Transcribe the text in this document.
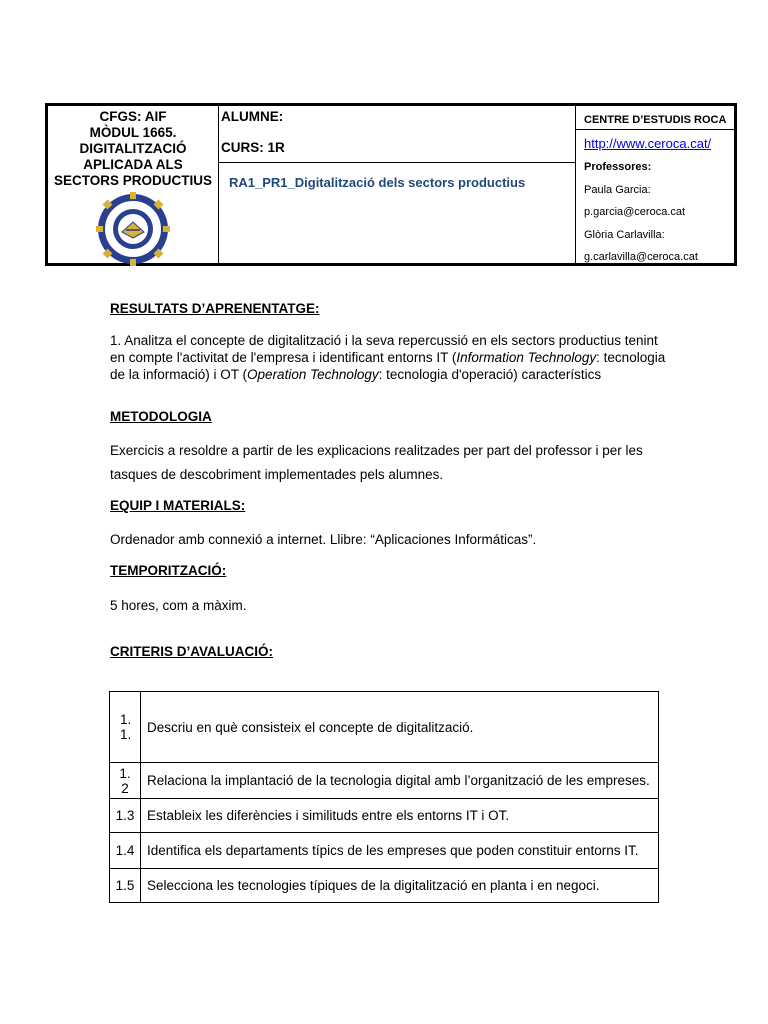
CFGS: AIF
MÒDUL 1665.
DIGITALITZACIÓ
APLICADA ALS
SECTORS PRODUCTIUS
ALUMNE:
CURS: 1R
RA1_PR1_Digitalització dels sectors productius
CENTRE D’ESTUDIS ROCA
http://www.ceroca.cat/
Professores:
Paula Garcia:
p.garcia@ceroca.cat
Glòria Carlavilla:
g.carlavilla@ceroca.cat
RESULTATS D’APRENENTATGE:
1. Analitza el concepte de digitalització i la seva repercussió en els sectors productius tenint en compte l'activitat de l'empresa i identificant entorns IT (Information Technology: tecnologia de la informació) i OT (Operation Technology: tecnologia d'operació) característics
METODOLOGIA
Exercicis a resoldre a partir de les explicacions realitzades per part del professor i per les tasques de descobriment implementades pels alumnes.
EQUIP I MATERIALS:
Ordenador amb connexió a internet. Llibre: “Aplicaciones Informáticas”.
TEMPORITZACIÓ:
5 hores, com a màxim.
CRITERIS D’AVALUACIÓ:
1.1.	Descriu en què consisteix el concepte de digitalització.

1.2	Relaciona la implantació de la tecnologia digital amb l’organització de les empreses.
1.3	Estableix les diferències i similituds entre els entorns IT i OT.
1.4	Identifica els departaments típics de les empreses que poden constituir entorns IT.
1.5	Selecciona les tecnologies típiques de la digitalització en planta i en negoci.
